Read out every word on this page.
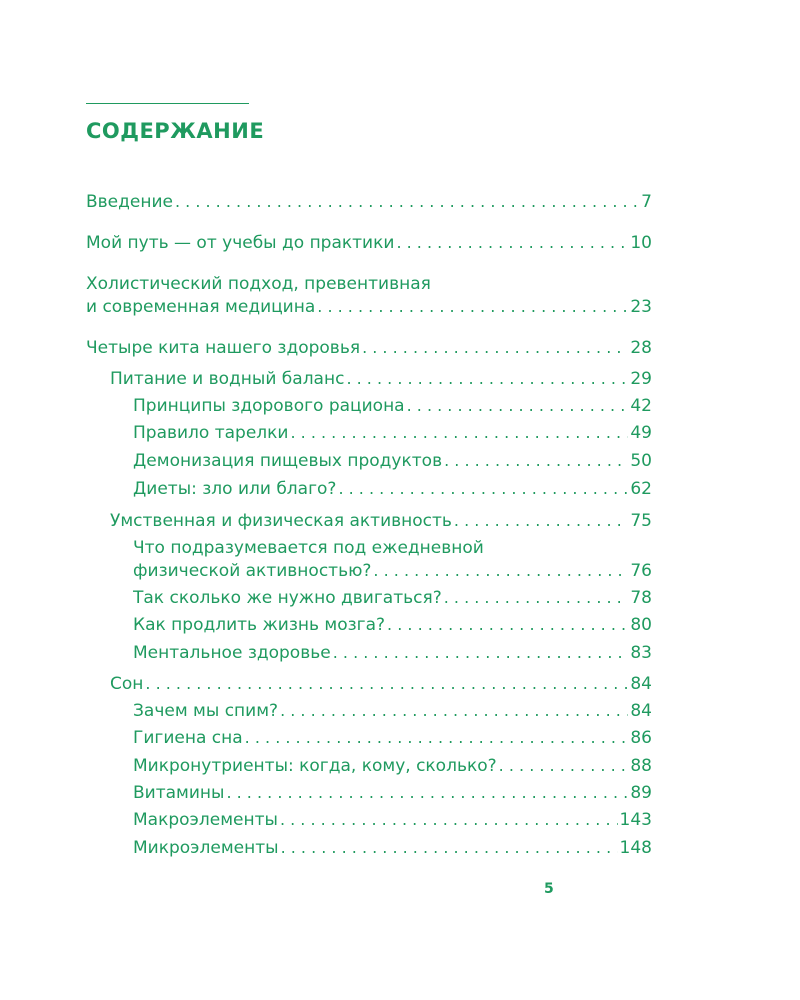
СОДЕРЖАНИЕ
Введение . . .	7
Мой путь — от учебы до практики . . .	10
Холистический подход, превентивная
и современная медицина . . .	23
Четыре кита нашего здоровья . . .	28
Питание и водный баланс . . .	29
Принципы здорового рациона . . .	42
Правило тарелки . . .	49
Демонизация пищевых продуктов . . .	50
Диеты: зло или благо? . . .	62
Умственная и физическая активность . . .	75
Что подразумевается под ежедневной
физической активностью? . . .	76
Так сколько же нужно двигаться? . . .	78
Как продлить жизнь мозга? . . .	80
Ментальное здоровье . . .	83
Сон . . .	84
Зачем мы спим? . . .	84
Гигиена сна . . .	86
Микронутриенты: когда, кому, сколько? . . .	88
Витамины . . .	89
Макроэлементы . . .	143
Микроэлементы . . .	148
5
